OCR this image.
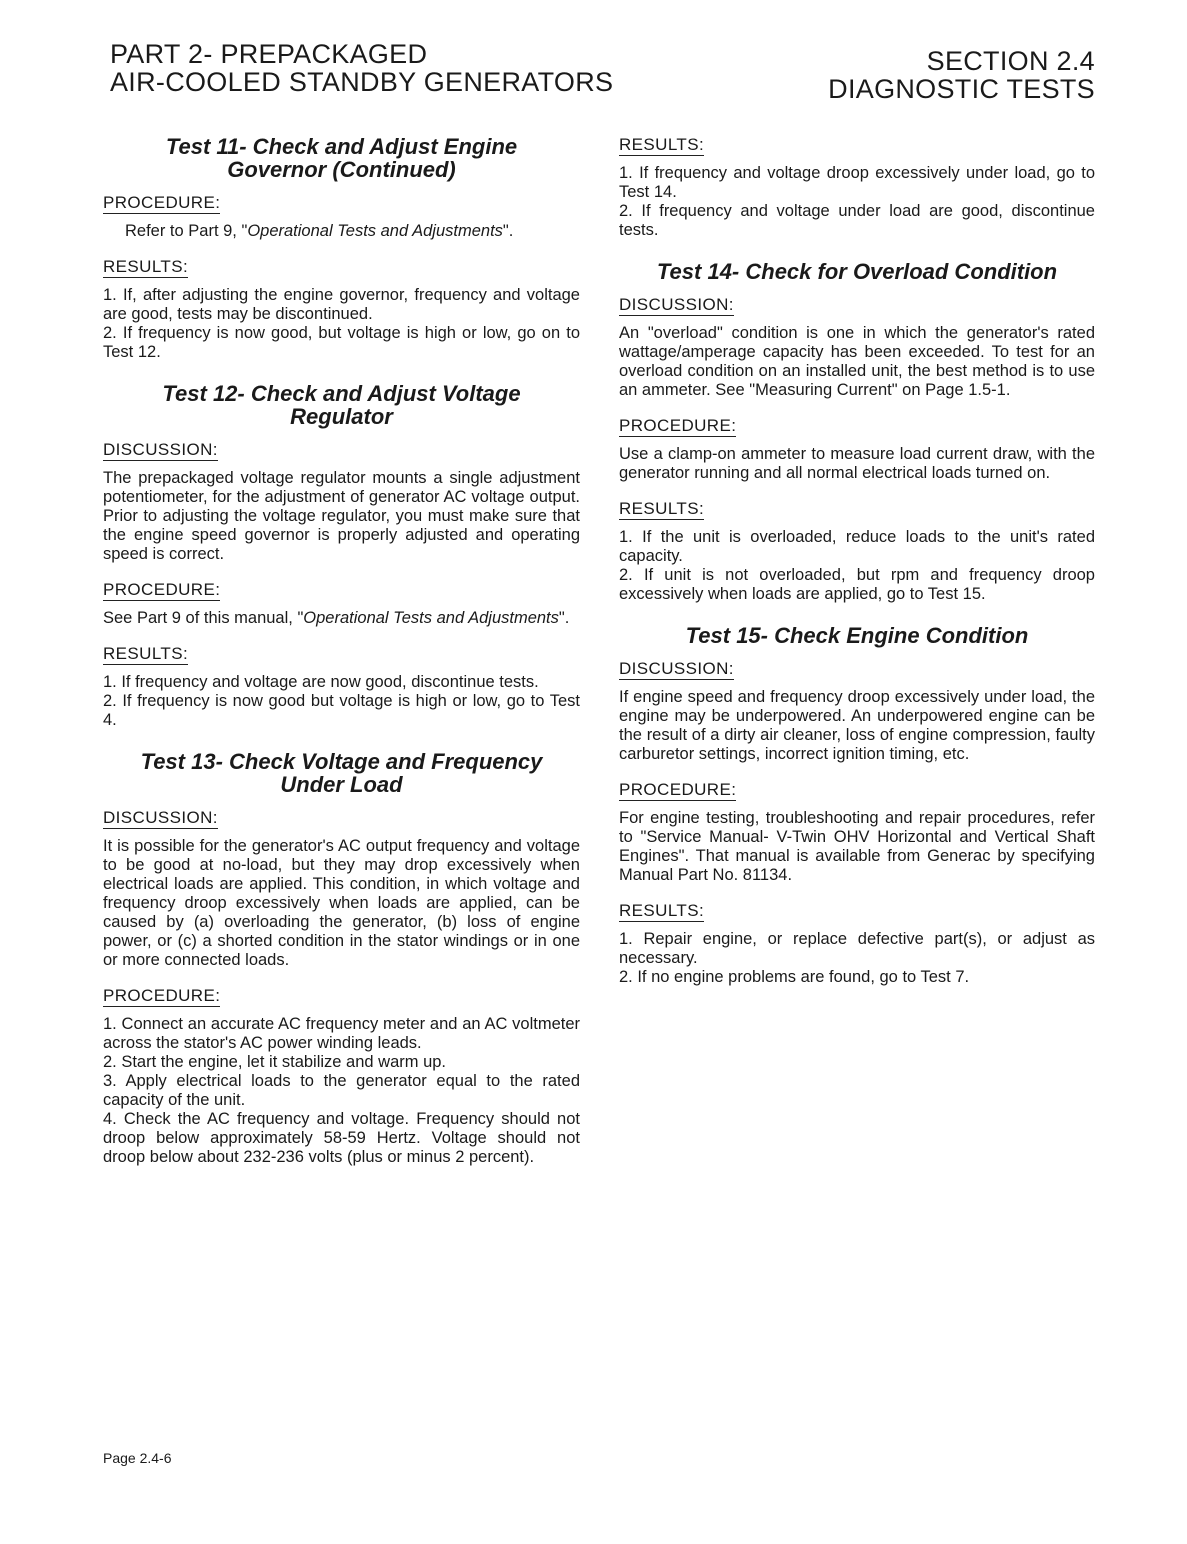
PART 2- PREPACKAGED
AIR-COOLED STANDBY GENERATORS
SECTION 2.4
DIAGNOSTIC TESTS
Test 11- Check and Adjust Engine Governor (Continued)
PROCEDURE:

Refer to Part 9, "Operational Tests and Adjustments".

RESULTS:

1. If, after adjusting the engine governor, frequency and voltage are good, tests may be discontinued.

2. If frequency is now good, but voltage is high or low, go on to Test 12.

Test 12- Check and Adjust Voltage Regulator
DISCUSSION:

The prepackaged voltage regulator mounts a single adjustment potentiometer, for the adjustment of generator AC voltage output. Prior to adjusting the voltage regulator, you must make sure that the engine speed governor is properly adjusted and operating speed is correct.

PROCEDURE:

See Part 9 of this manual, "Operational Tests and Adjustments".

RESULTS:

1. If frequency and voltage are now good, discontinue tests.

2. If frequency is now good but voltage is high or low, go to Test 4.

Test 13- Check Voltage and Frequency Under Load
DISCUSSION:

It is possible for the generator's AC output frequency and voltage to be good at no-load, but they may drop excessively when electrical loads are applied. This condition, in which voltage and frequency droop excessively when loads are applied, can be caused by (a) overloading the generator, (b) loss of engine power, or (c) a shorted condition in the stator windings or in one or more connected loads.

PROCEDURE:

1. Connect an accurate AC frequency meter and an AC voltmeter across the stator's AC power winding leads.

2. Start the engine, let it stabilize and warm up.

3. Apply electrical loads to the generator equal to the rated capacity of the unit.

4. Check the AC frequency and voltage. Frequency should not droop below approximately 58-59 Hertz. Voltage should not droop below about 232-236 volts (plus or minus 2 percent).

RESULTS:

1. If frequency and voltage droop excessively under load, go to Test 14.

2. If frequency and voltage under load are good, discontinue tests.

Test 14- Check for Overload Condition
DISCUSSION:

An "overload" condition is one in which the generator's rated wattage/amperage capacity has been exceeded. To test for an overload condition on an installed unit, the best method is to use an ammeter. See "Measuring Current" on Page 1.5-1.

PROCEDURE:

Use a clamp-on ammeter to measure load current draw, with the generator running and all normal electrical loads turned on.

RESULTS:

1. If the unit is overloaded, reduce loads to the unit's rated capacity.

2. If unit is not overloaded, but rpm and frequency droop excessively when loads are applied, go to Test 15.

Test 15- Check Engine Condition
DISCUSSION:

If engine speed and frequency droop excessively under load, the engine may be underpowered. An underpowered engine can be the result of a dirty air cleaner, loss of engine compression, faulty carburetor settings, incorrect ignition timing, etc.

PROCEDURE:

For engine testing, troubleshooting and repair procedures, refer to "Service Manual- V-Twin OHV Horizontal and Vertical Shaft Engines". That manual is available from Generac by specifying Manual Part No. 81134.

RESULTS:

1. Repair engine, or replace defective part(s), or adjust as necessary.

2. If no engine problems are found, go to Test 7.

Page 2.4-6
